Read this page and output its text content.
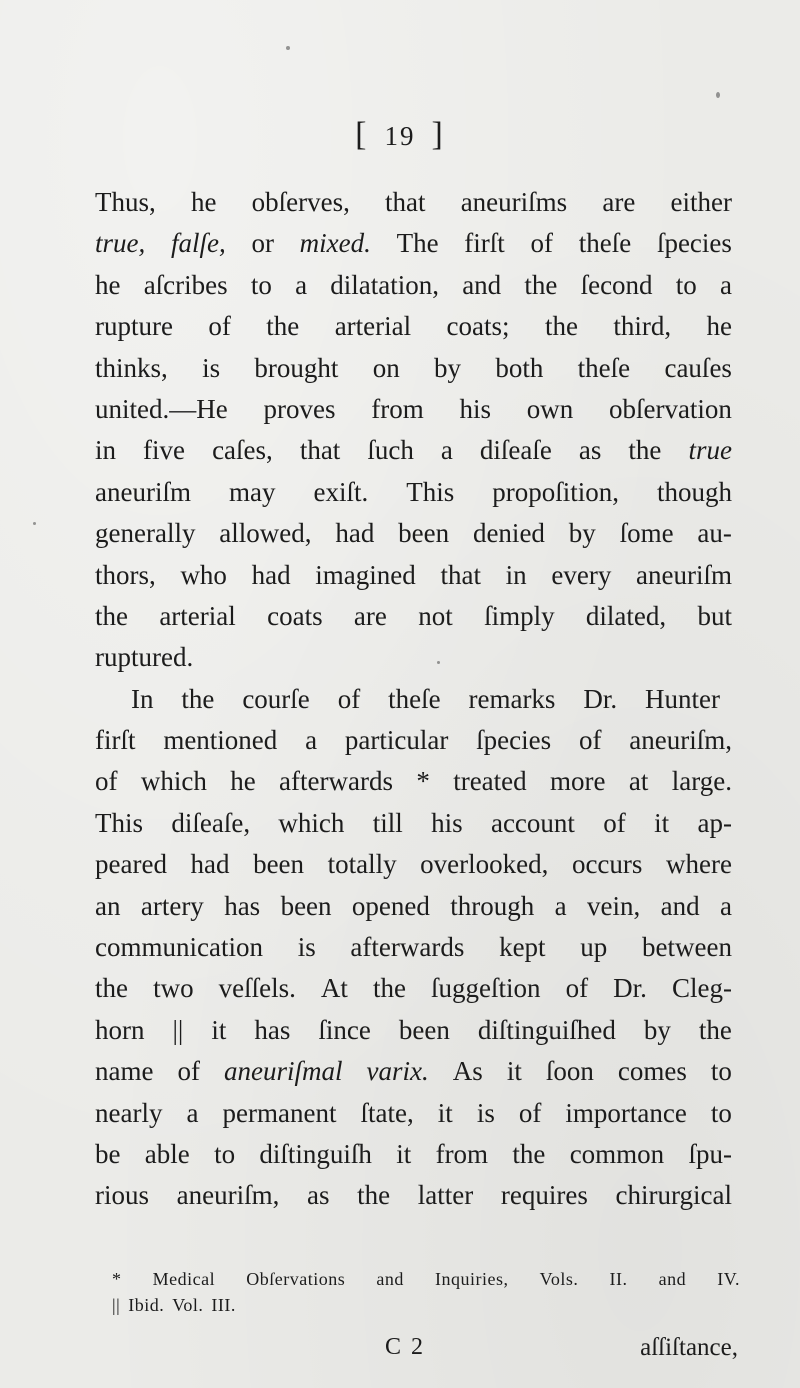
[ 19 ]
Thus, he obſerves, that aneuriſms are either
true, falſe, or mixed. The firſt of theſe ſpecies
he aſcribes to a dilatation, and the ſecond to a
rupture of the arterial coats; the third, he
thinks, is brought on by both theſe cauſes
united.—He proves from his own obſervation
in five caſes, that ſuch a diſeaſe as the true
aneuriſm may exiſt. This propoſition, though
generally allowed, had been denied by ſome au-
thors, who had imagined that in every aneuriſm
the arterial coats are not ſimply dilated, but
ruptured.
In the courſe of theſe remarks Dr. Hunter
firſt mentioned a particular ſpecies of aneuriſm,
of which he afterwards * treated more at large.
This diſeaſe, which till his account of it ap-
peared had been totally overlooked, occurs where
an artery has been opened through a vein, and a
communication is afterwards kept up between
the two veſſels. At the ſuggeſtion of Dr. Cleg-
horn || it has ſince been diſtinguiſhed by the
name of aneuriſmal varix. As it ſoon comes to
nearly a permanent ſtate, it is of importance to
be able to diſtinguiſh it from the common ſpu-
rious aneuriſm, as the latter requires chirurgical
* Medical Obſervations and Inquiries, Vols. II. and IV.
|| Ibid. Vol. III.
C 2	aſſiſtance,
